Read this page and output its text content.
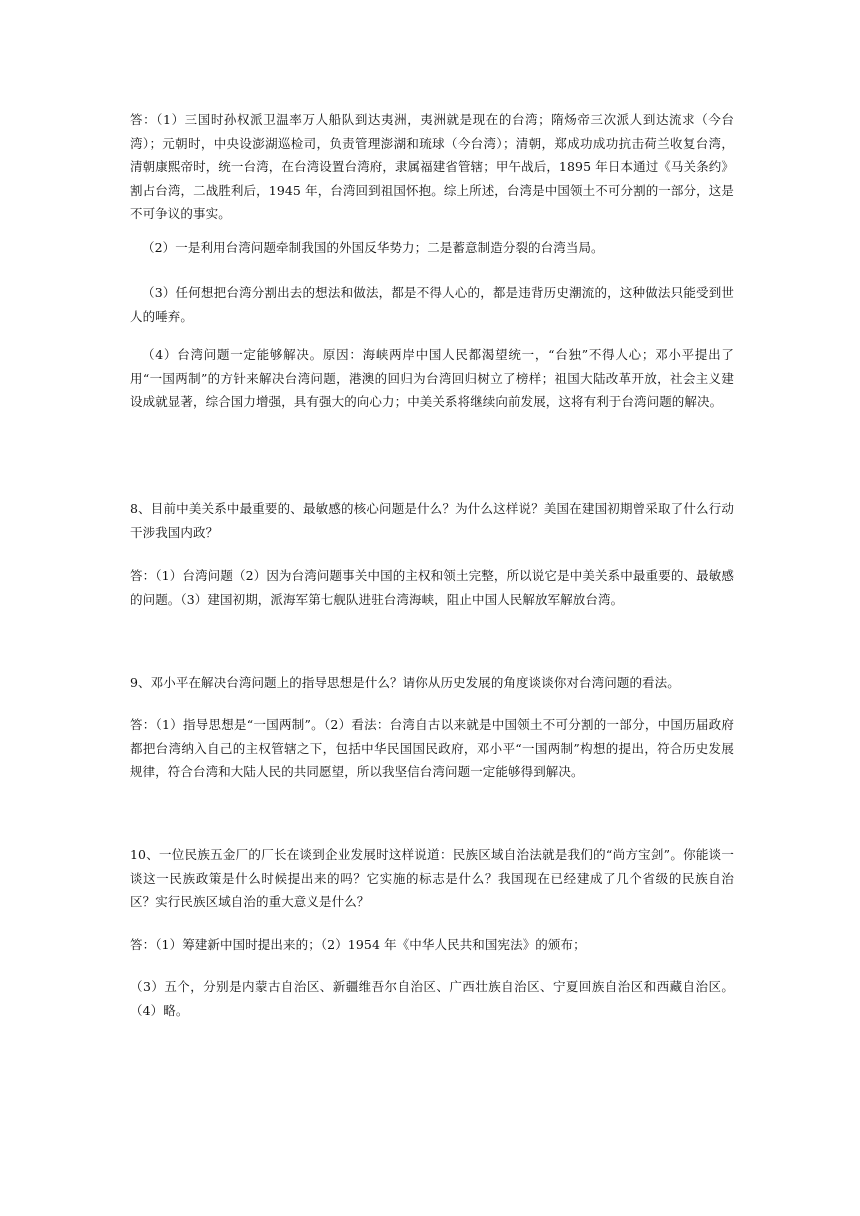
答：（1）三国时孙权派卫温率万人船队到达夷洲，夷洲就是现在的台湾；隋炀帝三次派人到达流求（今台湾）；元朝时，中央设澎湖巡检司，负责管理澎湖和琉球（今台湾）；清朝，郑成功成功抗击荷兰收复台湾，清朝康熙帝时，统一台湾，在台湾设置台湾府，隶属福建省管辖；甲午战后，1895 年日本通过《马关条约》割占台湾，二战胜利后，1945 年，台湾回到祖国怀抱。综上所述，台湾是中国领土不可分割的一部分，这是不可争议的事实。

（2）一是利用台湾问题牵制我国的外国反华势力；二是蓄意制造分裂的台湾当局。

（3）任何想把台湾分割出去的想法和做法，都是不得人心的，都是违背历史潮流的，这种做法只能受到世人的唾弃。

（4）台湾问题一定能够解决。原因：海峡两岸中国人民都渴望统一，“台独”不得人心；邓小平提出了用“一国两制”的方针来解决台湾问题，港澳的回归为台湾回归树立了榜样；祖国大陆改革开放，社会主义建设成就显著，综合国力增强，具有强大的向心力；中美关系将继续向前发展，这将有利于台湾问题的解决。

8、目前中美关系中最重要的、最敏感的核心问题是什么？为什么这样说？美国在建国初期曾采取了什么行动干涉我国内政？

答：（1）台湾问题（2）因为台湾问题事关中国的主权和领土完整，所以说它是中美关系中最重要的、最敏感的问题。（3）建国初期，派海军第七舰队进驻台湾海峡，阻止中国人民解放军解放台湾。

9、邓小平在解决台湾问题上的指导思想是什么？请你从历史发展的角度谈谈你对台湾问题的看法。

答：（1）指导思想是“一国两制”。（2）看法：台湾自古以来就是中国领土不可分割的一部分，中国历届政府都把台湾纳入自己的主权管辖之下，包括中华民国国民政府，邓小平“一国两制”构想的提出，符合历史发展规律，符合台湾和大陆人民的共同愿望，所以我坚信台湾问题一定能够得到解决。

10、一位民族五金厂的厂长在谈到企业发展时这样说道：民族区域自治法就是我们的“尚方宝剑”。你能谈一谈这一民族政策是什么时候提出来的吗？它实施的标志是什么？我国现在已经建成了几个省级的民族自治区？实行民族区域自治的重大意义是什么？

答：（1）筹建新中国时提出来的；（2）1954 年《中华人民共和国宪法》的颁布；

（3）五个，分别是内蒙古自治区、新疆维吾尔自治区、广西壮族自治区、宁夏回族自治区和西藏自治区。（4）略。
